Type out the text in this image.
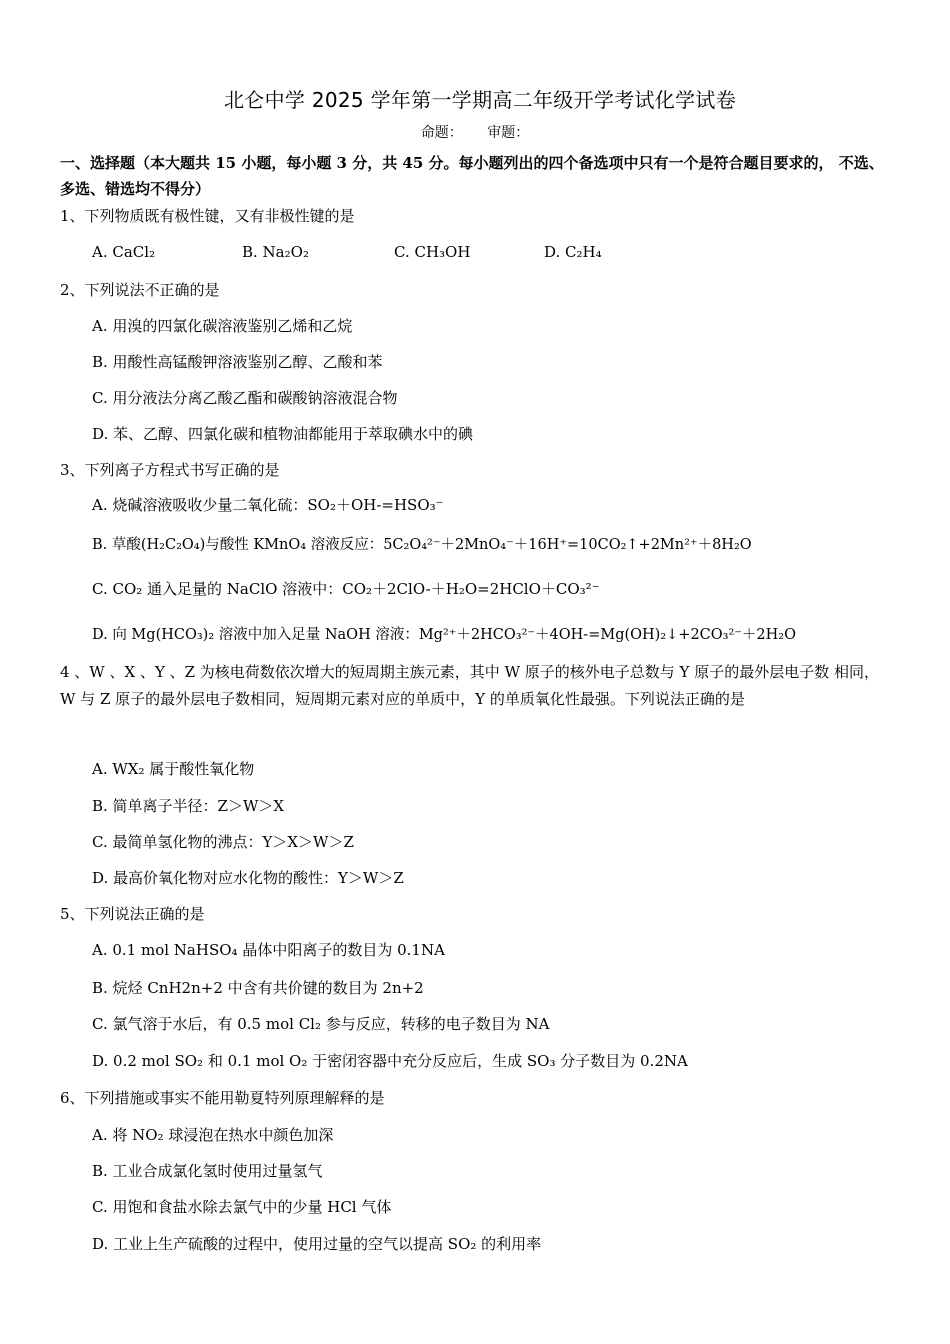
北仑中学 2025 学年第一学期高二年级开学考试化学试卷
命题： 审题：
一、选择题（本大题共 15 小题，每小题 3 分，共 45 分。每小题列出的四个备选项中只有一个是符合题目要求的， 不选、多选、错选均不得分）
1、下列物质既有极性键，又有非极性键的是
A. CaCl₂	B. Na₂O₂	C. CH₃OH	D. C₂H₄
2、下列说法不正确的是
A. 用溴的四氯化碳溶液鉴别乙烯和乙烷
B. 用酸性高锰酸钾溶液鉴别乙醇、乙酸和苯
C. 用分液法分离乙酸乙酯和碳酸钠溶液混合物
D. 苯、乙醇、四氯化碳和植物油都能用于萃取碘水中的碘
3、下列离子方程式书写正确的是
A. 烧碱溶液吸收少量二氧化硫：SO₂＋OH-=HSO₃⁻
B. 草酸(H₂C₂O₄)与酸性 KMnO₄ 溶液反应：5C₂O₄²⁻＋2MnO₄⁻＋16H⁺=10CO₂↑+2Mn²⁺＋8H₂O
C. CO₂ 通入足量的 NaClO 溶液中：CO₂＋2ClO-＋H₂O=2HClO＋CO₃²⁻
D. 向 Mg(HCO₃)₂ 溶液中加入足量 NaOH 溶液：Mg²⁺＋2HCO₃²⁻＋4OH-=Mg(OH)₂↓+2CO₃²⁻＋2H₂O
4 、W 、X 、Y 、Z 为核电荷数依次增大的短周期主族元素，其中 W 原子的核外电子总数与 Y 原子的最外层电子数 相同，W 与 Z 原子的最外层电子数相同，短周期元素对应的单质中，Y 的单质氧化性最强。下列说法正确的是
A. WX₂ 属于酸性氧化物
B. 简单离子半径：Z＞W＞X
C. 最简单氢化物的沸点：Y＞X＞W＞Z
D. 最高价氧化物对应水化物的酸性：Y＞W＞Z
5、下列说法正确的是
A. 0.1 mol NaHSO₄ 晶体中阳离子的数目为 0.1NA
B. 烷烃 CnH2n+2 中含有共价键的数目为 2n+2
C. 氯气溶于水后，有 0.5 mol Cl₂ 参与反应，转移的电子数目为 NA
D. 0.2 mol SO₂ 和 0.1 mol O₂ 于密闭容器中充分反应后，生成 SO₃ 分子数目为 0.2NA
6、下列措施或事实不能用勒夏特列原理解释的是
A. 将 NO₂ 球浸泡在热水中颜色加深
B. 工业合成氯化氢时使用过量氢气
C. 用饱和食盐水除去氯气中的少量 HCl 气体
D. 工业上生产硫酸的过程中，使用过量的空气以提高 SO₂ 的利用率
